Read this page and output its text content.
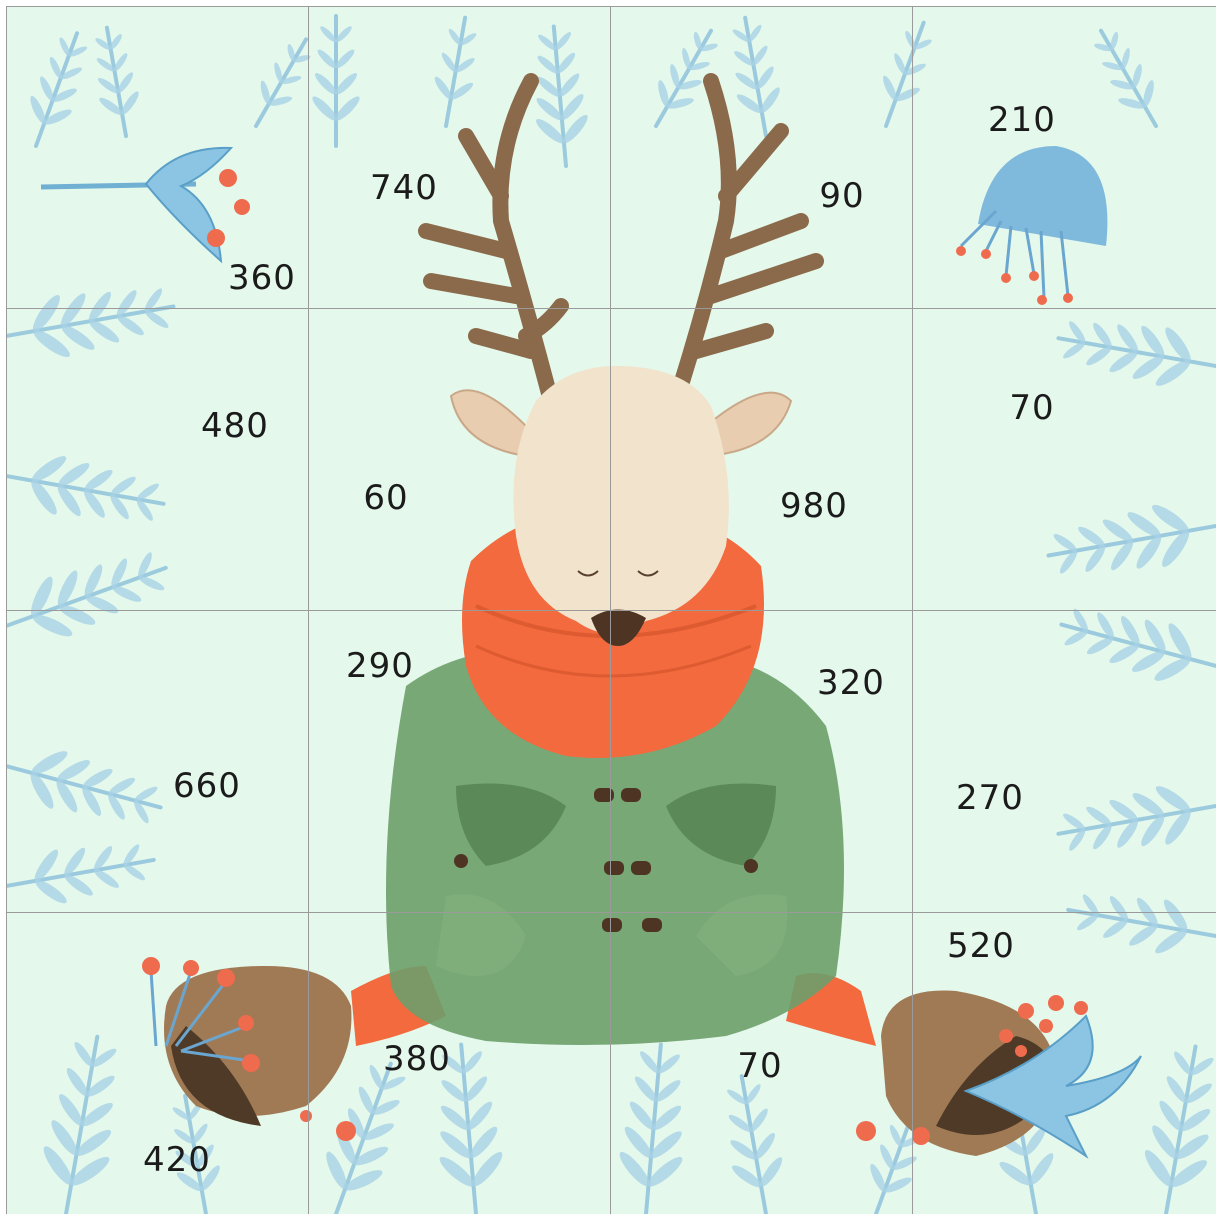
360
740	90
210
480
60	980
70
660
290	320
270
420
380	70
520
